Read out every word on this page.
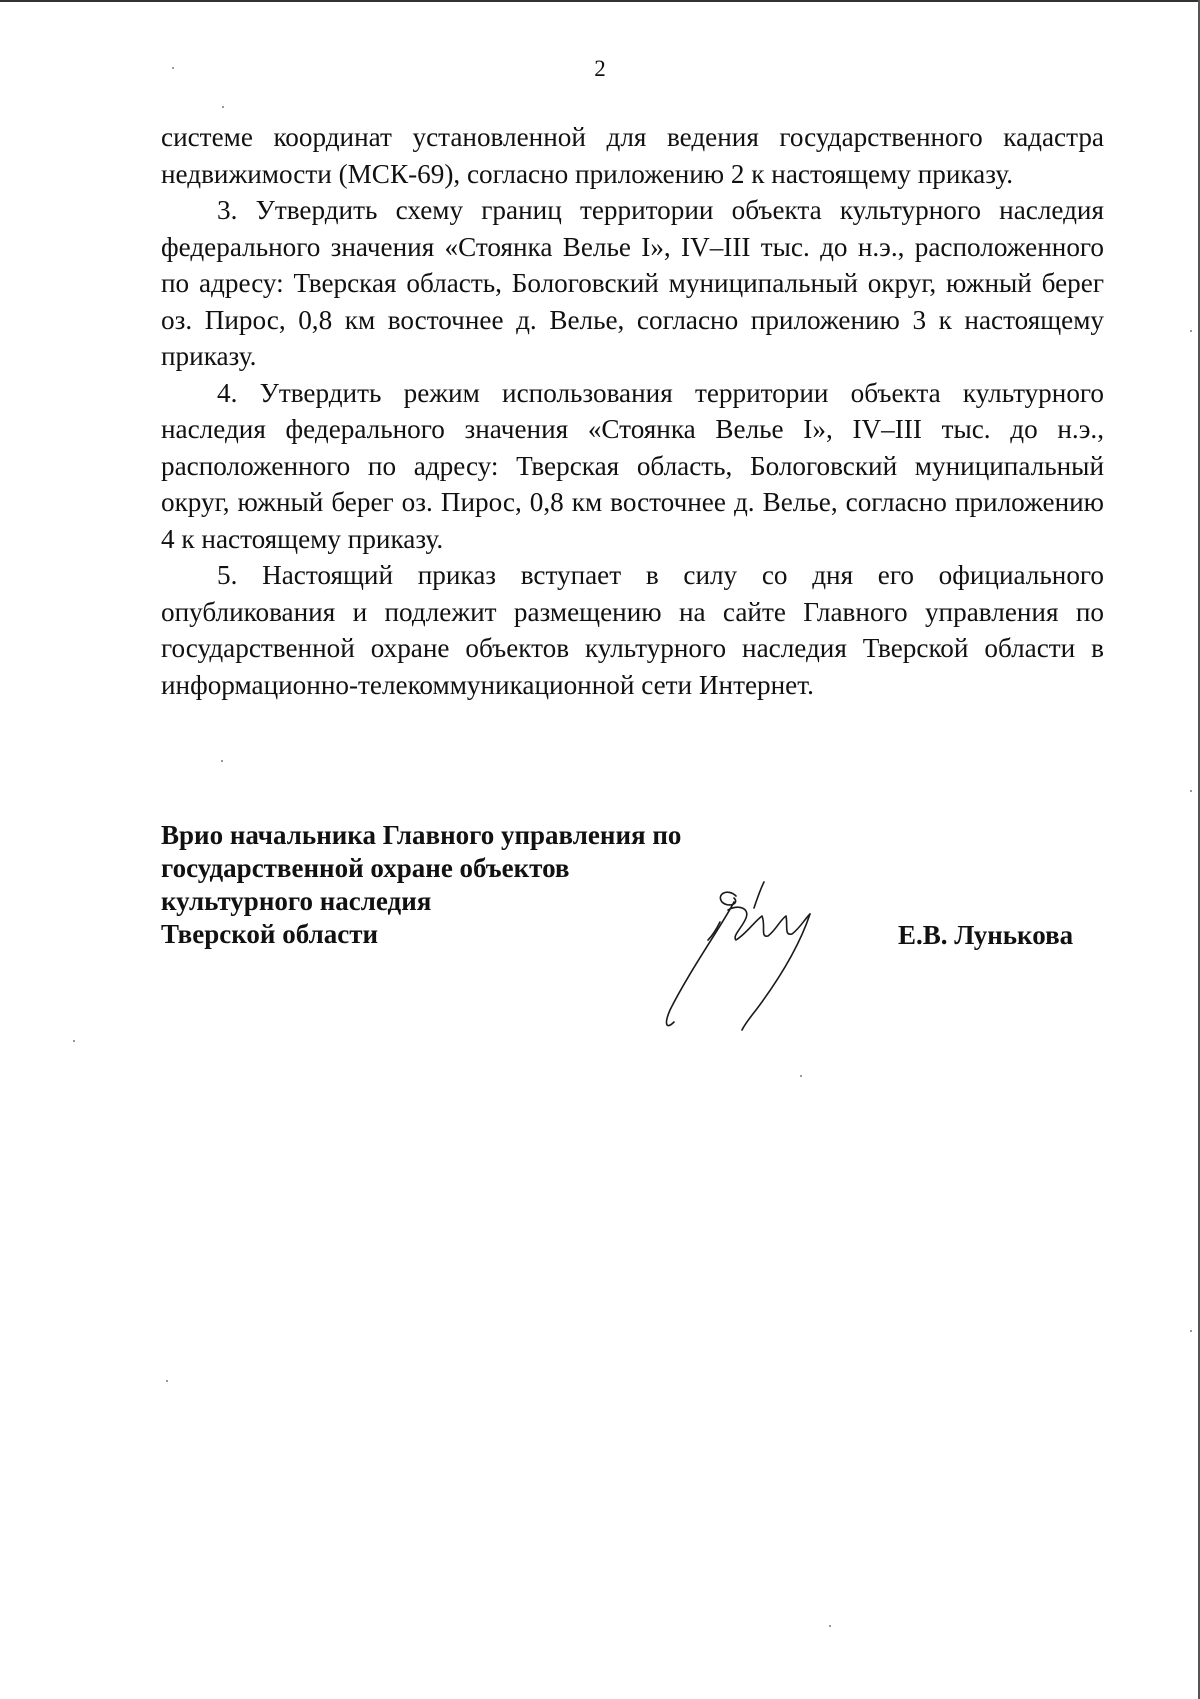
2

системе координат установленной для ведения государственного кадастра недвижимости (МСК-69), согласно приложению 2 к настоящему приказу.

3. Утвердить схему границ территории объекта культурного наследия федерального значения «Стоянка Велье I», IV–III тыс. до н.э., расположенного по адресу: Тверская область, Бологовский муниципальный округ, южный берег оз. Пирос, 0,8 км восточнее д. Велье, согласно приложению 3 к настоящему приказу.

4. Утвердить режим использования территории объекта культурного наследия федерального значения «Стоянка Велье I», IV–III тыс. до н.э., расположенного по адресу: Тверская область, Бологовский муниципальный округ, южный берег оз. Пирос, 0,8 км восточнее д. Велье, согласно приложению 4 к настоящему приказу.

5. Настоящий приказ вступает в силу со дня его официального опубликования и подлежит размещению на сайте Главного управления по государственной охране объектов культурного наследия Тверской области в информационно-телекоммуникационной сети Интернет.

Врио начальника Главного управления по
государственной охране объектов
культурного наследия
Тверской области	Е.В. Лунькова
